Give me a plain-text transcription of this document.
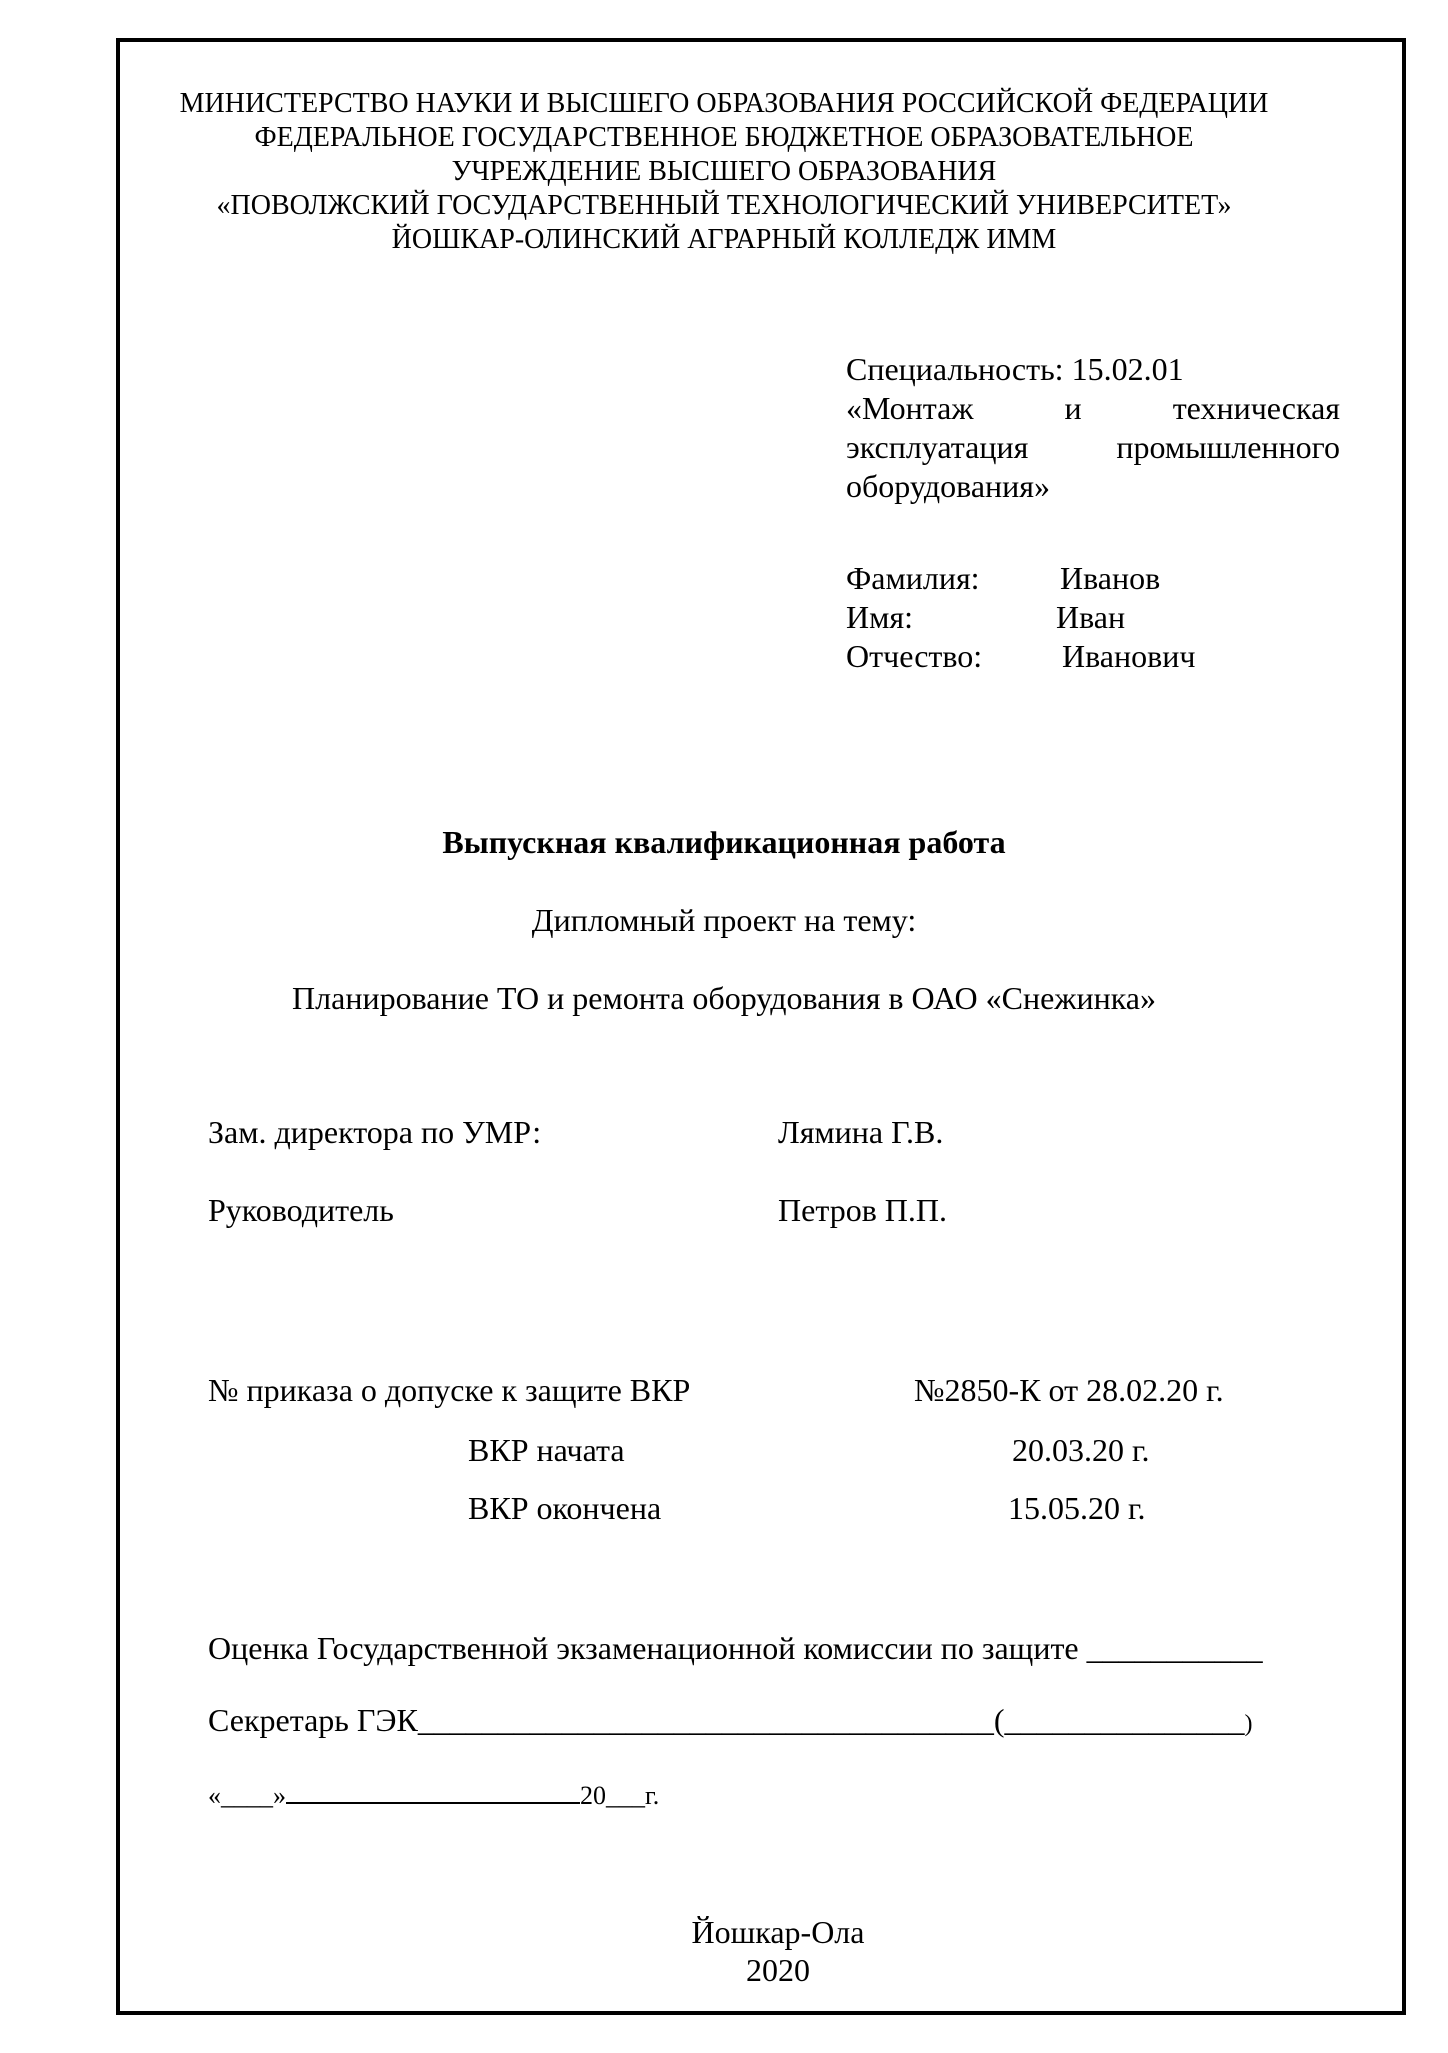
МИНИСТЕРСТВО НАУКИ И ВЫСШЕГО ОБРАЗОВАНИЯ РОССИЙСКОЙ ФЕДЕРАЦИИ
ФЕДЕРАЛЬНОЕ ГОСУДАРСТВЕННОЕ БЮДЖЕТНОЕ ОБРАЗОВАТЕЛЬНОЕ
УЧРЕЖДЕНИЕ ВЫСШЕГО ОБРАЗОВАНИЯ
«ПОВОЛЖСКИЙ ГОСУДАРСТВЕННЫЙ ТЕХНОЛОГИЧЕСКИЙ УНИВЕРСИТЕТ»
ЙОШКАР-ОЛИНСКИЙ АГРАРНЫЙ КОЛЛЕДЖ ИММ
Специальность: 15.02.01
«Монтаж	и	техническая
эксплуатация	промышленного
оборудования»
Фамилия:	Иванов
Имя:	Иван
Отчество: Иванович
Выпускная квалификационная работа
Дипломный проект на тему:
Планирование ТО и ремонта оборудования в ОАО «Снежинка»
Зам. директора по УМР:	Лямина Г.В.
Руководитель	Петров П.П.
№ приказа о допуске к защите ВКР	№2850-К от 28.02.20 г.
ВКР начата	20.03.20 г.
ВКР окончена	15.05.20 г.
Оценка Государственной экзаменационной комиссии по защите ___________
Секретарь ГЭК____________________________________(_______________)
«____»	20___г.
Йошкар-Ола
2020
